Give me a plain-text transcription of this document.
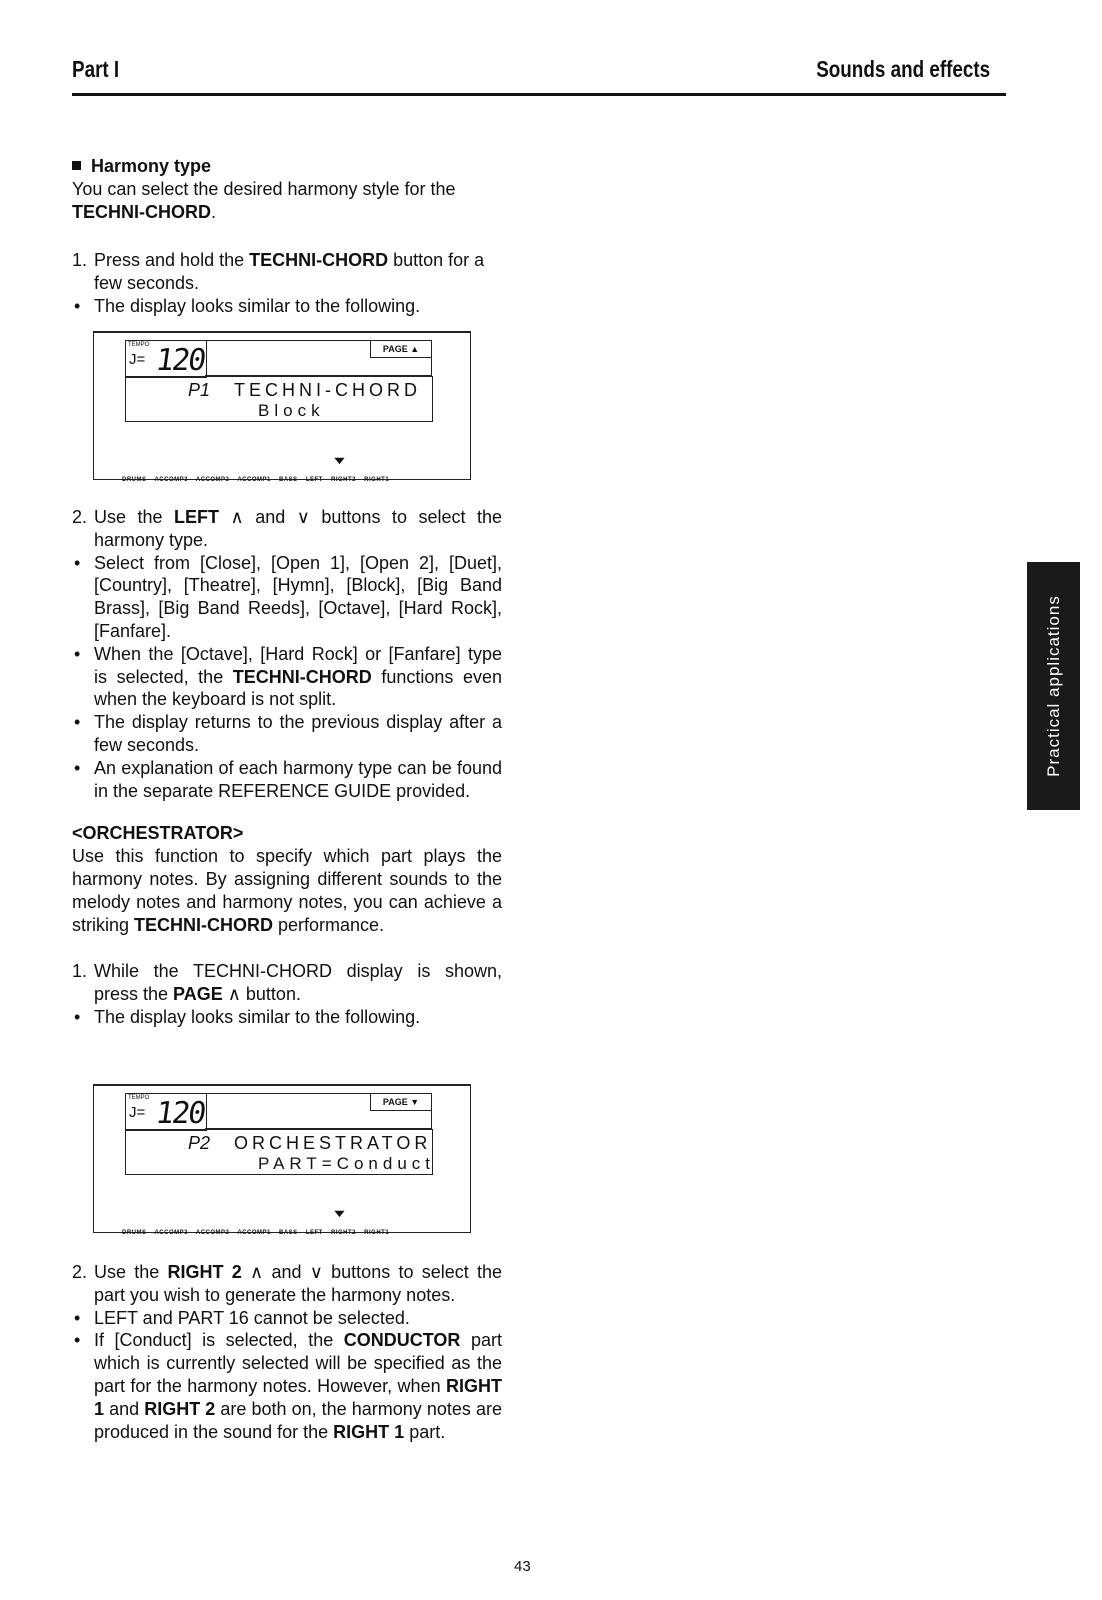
Part I	Sounds and effects

Harmony type

You can select the desired harmony style for the
TECHNI-CHORD.

1. Press and hold the TECHNI-CHORD button for a few seconds.

• The display looks similar to the following.

TEMPO
J= 120	PAGE ▲
P1 TECHNI-CHORD
Block
▼
DRUMS ACCOMP3 ACCOMP2 ACCOMP1 BASS LEFT RIGHT2 RIGHT1

2. Use the LEFT ∧ and ∨ buttons to select the harmony type.

• Select from [Close], [Open 1], [Open 2], [Duet], [Country], [Theatre], [Hymn], [Block], [Big Band Brass], [Big Band Reeds], [Octave], [Hard Rock], [Fanfare].

• When the [Octave], [Hard Rock] or [Fanfare] type is selected, the TECHNI-CHORD functions even when the keyboard is not split.

• The display returns to the previous display after a few seconds.

• An explanation of each harmony type can be found in the separate REFERENCE GUIDE provided.

<ORCHESTRATOR>

Use this function to specify which part plays the harmony notes. By assigning different sounds to the melody notes and harmony notes, you can achieve a striking TECHNI-CHORD performance.

1. While the TECHNI-CHORD display is shown, press the PAGE ∧ button.

• The display looks similar to the following.

TEMPO
J= 120	PAGE ▼
P2 ORCHESTRATOR
PART=Conduct
▼
DRUMS ACCOMP3 ACCOMP2 ACCOMP1 BASS LEFT RIGHT2 RIGHT1

2. Use the RIGHT 2 ∧ and ∨ buttons to select the part you wish to generate the harmony notes.

• LEFT and PART 16 cannot be selected.

• If [Conduct] is selected, the CONDUCTOR part which is currently selected will be specified as the part for the harmony notes. However, when RIGHT 1 and RIGHT 2 are both on, the harmony notes are produced in the sound for the RIGHT 1 part.

Practical applications
43
